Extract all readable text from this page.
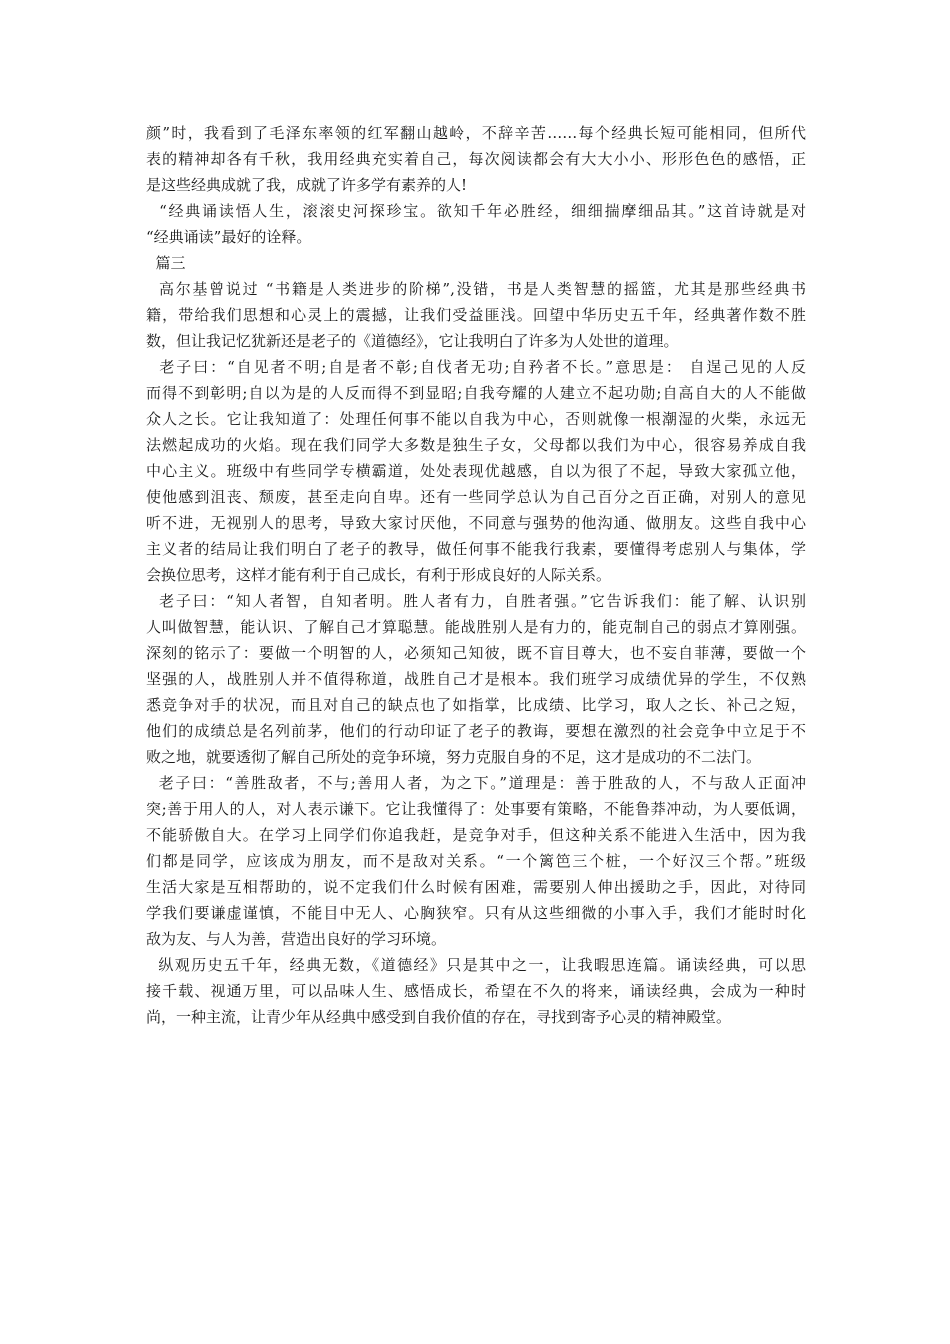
颜”时，我看到了毛泽东率领的红军翻山越岭，不辞辛苦……每个经典长短可能相同，但所代
表的精神却各有千秋，我用经典充实着自己，每次阅读都会有大大小小、形形色色的感悟，正
是这些经典成就了我，成就了许多学有素养的人!
“经典诵读悟人生，滚滚史河探珍宝。欲知千年必胜经，细细揣摩细品其。”这首诗就是对
“经典诵读”最好的诠释。
篇三
高尔基曾说过 “书籍是人类进步的阶梯”,没错，书是人类智慧的摇篮，尤其是那些经典书
籍，带给我们思想和心灵上的震撼，让我们受益匪浅。回望中华历史五千年，经典著作数不胜
数，但让我记忆犹新还是老子的《道德经》，它让我明白了许多为人处世的道理。
老子曰：“自见者不明;自是者不彰;自伐者无功;自矜者不长。”意思是： 自逞己见的人反
而得不到彰明;自以为是的人反而得不到显昭;自我夸耀的人建立不起功勋;自高自大的人不能做
众人之长。它让我知道了：处理任何事不能以自我为中心，否则就像一根潮湿的火柴，永远无
法燃起成功的火焰。现在我们同学大多数是独生子女，父母都以我们为中心，很容易养成自我
中心主义。班级中有些同学专横霸道，处处表现优越感，自以为很了不起，导致大家孤立他，
使他感到沮丧、颓废，甚至走向自卑。还有一些同学总认为自己百分之百正确，对别人的意见
听不进，无视别人的思考，导致大家讨厌他，不同意与强势的他沟通、做朋友。这些自我中心
主义者的结局让我们明白了老子的教导，做任何事不能我行我素，要懂得考虑别人与集体，学
会换位思考，这样才能有利于自己成长，有利于形成良好的人际关系。
老子曰：“知人者智，自知者明。胜人者有力，自胜者强。”它告诉我们：能了解、认识别
人叫做智慧，能认识、了解自己才算聪慧。能战胜别人是有力的，能克制自己的弱点才算刚强。
深刻的铭示了：要做一个明智的人，必须知己知彼，既不盲目尊大，也不妄自菲薄，要做一个
坚强的人，战胜别人并不值得称道，战胜自己才是根本。我们班学习成绩优异的学生，不仅熟
悉竞争对手的状况，而且对自己的缺点也了如指掌，比成绩、比学习，取人之长、补己之短，
他们的成绩总是名列前茅，他们的行动印证了老子的教诲，要想在激烈的社会竞争中立足于不
败之地，就要透彻了解自己所处的竞争环境，努力克服自身的不足，这才是成功的不二法门。
老子曰：“善胜敌者，不与;善用人者，为之下。”道理是：善于胜敌的人，不与敌人正面冲
突;善于用人的人，对人表示谦下。它让我懂得了：处事要有策略，不能鲁莽冲动，为人要低调，
不能骄傲自大。在学习上同学们你追我赶，是竞争对手，但这种关系不能进入生活中，因为我
们都是同学，应该成为朋友，而不是敌对关系。“一个篱笆三个桩，一个好汉三个帮。”班级
生活大家是互相帮助的，说不定我们什么时候有困难，需要别人伸出援助之手，因此，对待同
学我们要谦虚谨慎，不能目中无人、心胸狭窄。只有从这些细微的小事入手，我们才能时时化
敌为友、与人为善，营造出良好的学习环境。
纵观历史五千年，经典无数，《道德经》只是其中之一，让我暇思连篇。诵读经典，可以思
接千载、视通万里，可以品味人生、感悟成长，希望在不久的将来，诵读经典，会成为一种时
尚，一种主流，让青少年从经典中感受到自我价值的存在，寻找到寄予心灵的精神殿堂。
